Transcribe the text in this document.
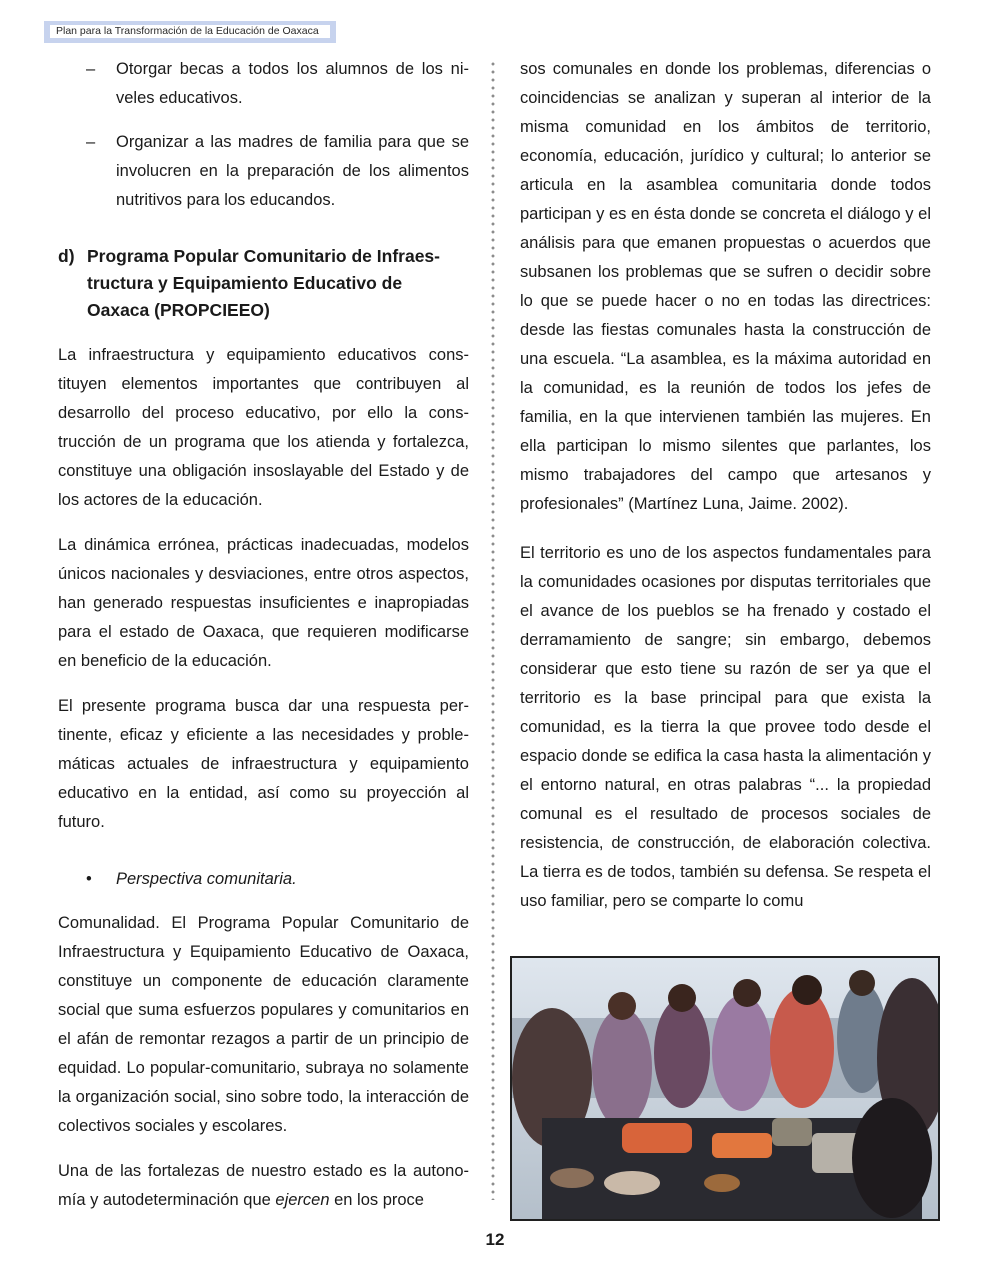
Plan para la Transformación de la Educación de Oaxaca
– Otorgar becas a todos los alumnos de los niveles educativos.

– Organizar a las madres de familia para que se involucren en la preparación de los alimentos nutritivos para los educandos.

d) Programa Popular Comunitario de Infraestructura y Equipamiento Educativo de Oaxaca (PROPCIEEO)

La infraestructura y equipamiento educativos constituyen elementos importantes que contribuyen al desarrollo del proceso educativo, por ello la construcción de un programa que los atienda y fortalezca, constituye una obligación insoslayable del Estado y de los actores de la educación.

La dinámica errónea, prácticas inadecuadas, modelos únicos nacionales y desviaciones, entre otros aspectos, han generado respuestas insuficientes e inapropiadas para el estado de Oaxaca, que requieren modificarse en beneficio de la educación.

El presente programa busca dar una respuesta pertinente, eficaz y eficiente a las necesidades y problemáticas actuales de infraestructura y equipamiento educativo en la entidad, así como su proyección al futuro.

• Perspectiva comunitaria.

Comunalidad. El Programa Popular Comunitario de Infraestructura y Equipamiento Educativo de Oaxaca, constituye un componente de educación claramente social que suma esfuerzos populares y comunitarios en el afán de remontar rezagos a partir de un principio de equidad. Lo popular-comunitario, subraya no solamente la organización social, sino sobre todo, la interacción de colectivos sociales y escolares.

Una de las fortalezas de nuestro estado es la autonomía y autodeterminación que ejercen en los proce

sos comunales en donde los problemas, diferencias o coincidencias se analizan y superan al interior de la misma comunidad en los ámbitos de territorio, economía, educación, jurídico y cultural; lo anterior se articula en la asamblea comunitaria donde todos participan y es en ésta donde se concreta el diálogo y el análisis para que emanen propuestas o acuerdos que subsanen los problemas que se sufren o decidir sobre lo que se puede hacer o no en todas las directrices: desde las fiestas comunales hasta la construcción de una escuela. “La asamblea, es la máxima autoridad en la comunidad, es la reunión de todos los jefes de familia, en la que intervienen también las mujeres. En ella participan lo mismo silentes que parlantes, los mismo trabajadores del campo que artesanos y profesionales” (Martínez Luna, Jaime. 2002).

El territorio es uno de los aspectos fundamentales para la comunidades ocasiones por disputas territoriales que el avance de los pueblos se ha frenado y costado el derramamiento de sangre; sin embargo, debemos considerar que esto tiene su razón de ser ya que el territorio es la base principal para que exista la comunidad, es la tierra la que provee todo desde el espacio donde se edifica la casa hasta la alimentación y el entorno natural, en otras palabras “... la propiedad comunal es el resultado de procesos sociales de resistencia, de construcción, de elaboración colectiva. La tierra es de todos, también su defensa. Se respeta el uso familiar, pero se comparte lo comu

12
